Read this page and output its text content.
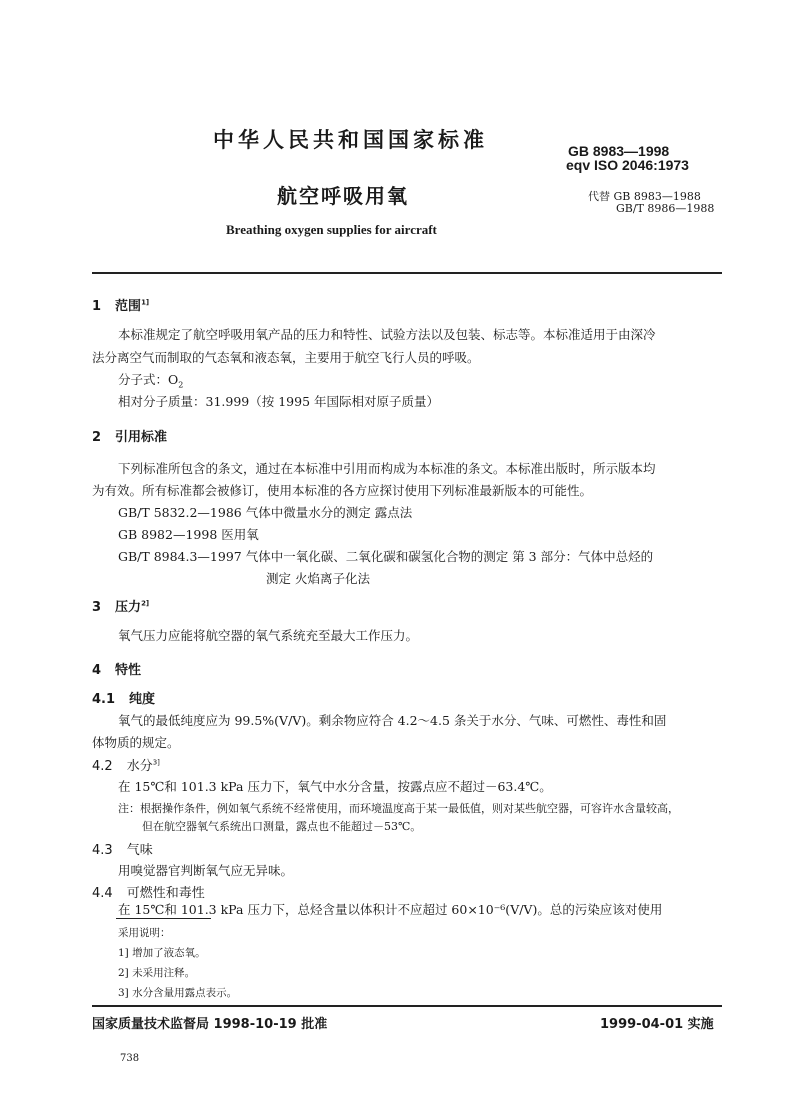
中华人民共和国国家标准	GB 8983—1998
eqv ISO 2046:1973
航空呼吸用氧	代替 GB 8983—1988
GB/T 8986—1988
Breathing oxygen supplies for aircraft
1 范围$^{1]}$
本标准规定了航空呼吸用氧产品的压力和特性、试验方法以及包装、标志等。本标准适用于由深冷
法分离空气而制取的气态氧和液态氧，主要用于航空飞行人员的呼吸。
分子式：$O_2$
相对分子质量：31.999（按 1995 年国际相对原子质量）
2 引用标准
下列标准所包含的条文，通过在本标准中引用而构成为本标准的条文。本标准出版时，所示版本均
为有效。所有标准都会被修订，使用本标准的各方应探讨使用下列标准最新版本的可能性。
GB/T 5832.2—1986 气体中微量水分的测定 露点法
GB 8982—1998 医用氧
GB/T 8984.3—1997 气体中一氧化碳、二氧化碳和碳氢化合物的测定 第 3 部分：气体中总烃的
测定 火焰离子化法
3 压力$^{2]}$
氧气压力应能将航空器的氧气系统充至最大工作压力。
4 特性
4.1 纯度
氧气的最低纯度应为 99.5%(V/V)。剩余物应符合 4.2～4.5 条关于水分、气味、可燃性、毒性和固
体物质的规定。
4.2 水分$^{3]}$
在 15℃和 101.3 kPa 压力下，氧气中水分含量，按露点应不超过－63.4℃。
注：根据操作条件，例如氧气系统不经常使用，而环境温度高于某一最低值，则对某些航空器，可容许水含量较高，
但在航空器氧气系统出口测量，露点也不能超过－53℃。
4.3 气味
用嗅觉器官判断氧气应无异味。
4.4 可燃性和毒性
在 15℃和 101.3 kPa 压力下，总烃含量以体积计不应超过 60×10⁻⁶(V/V)。总的污染应该对使用
采用说明：
1] 增加了液态氧。
2] 未采用注释。
3] 水分含量用露点表示。
国家质量技术监督局 1998-10-19 批准	1999-04-01 实施
738
